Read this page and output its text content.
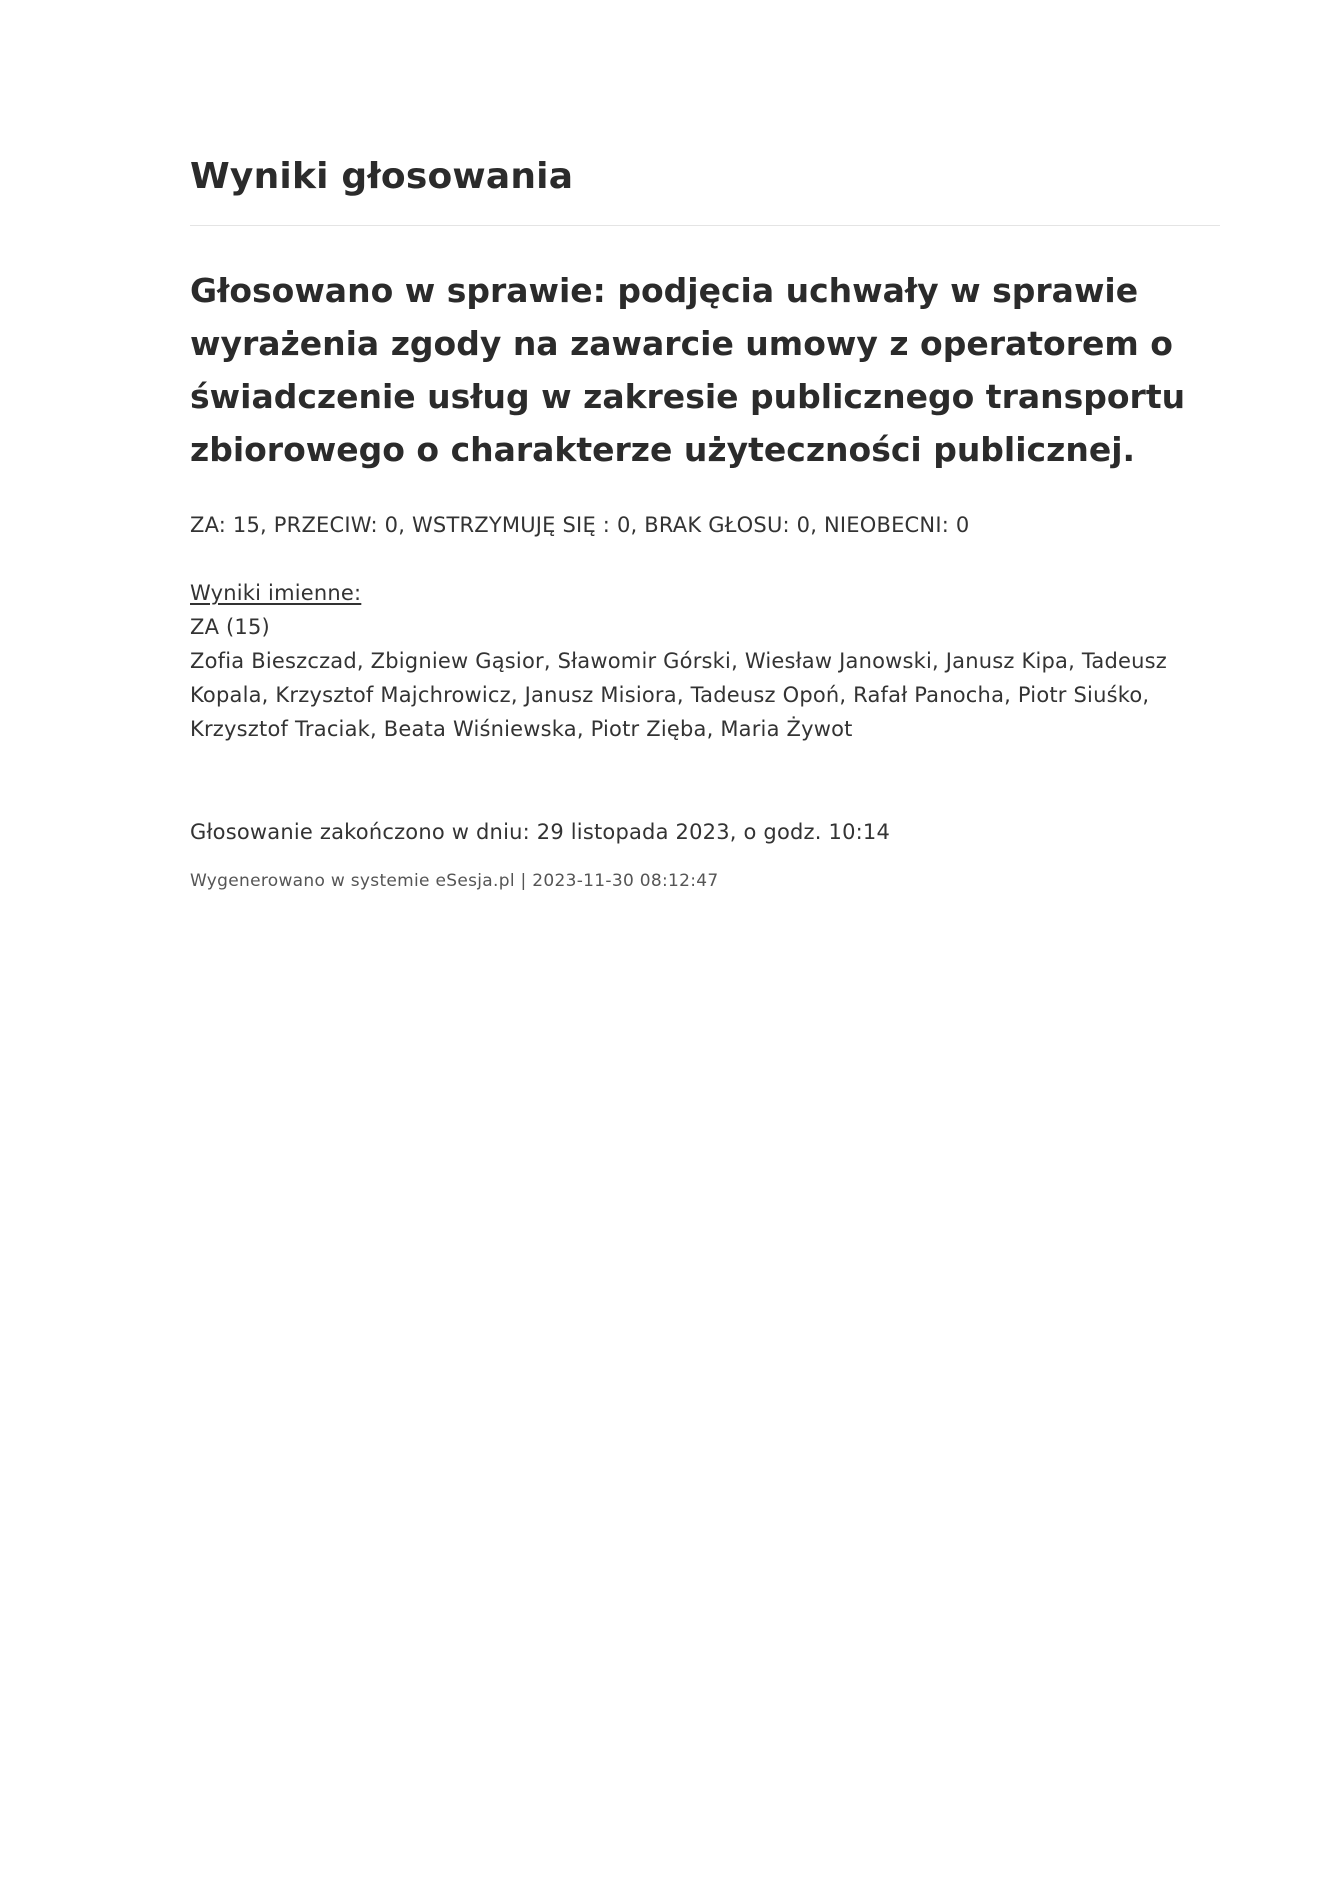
Wyniki głosowania

Głosowano w sprawie: podjęcia uchwały w sprawie wyrażenia zgody na zawarcie umowy z operatorem o świadczenie usług w zakresie publicznego transportu zbiorowego o charakterze użyteczności publicznej.

ZA: 15, PRZECIW: 0, WSTRZYMUJĘ SIĘ : 0, BRAK GŁOSU: 0, NIEOBECNI: 0
Wyniki imienne:
ZA (15)
Zofia Bieszczad, Zbigniew Gąsior, Sławomir Górski, Wiesław Janowski, Janusz Kipa, Tadeusz Kopala, Krzysztof Majchrowicz, Janusz Misiora, Tadeusz Opoń, Rafał Panocha, Piotr Siuśko, Krzysztof Traciak, Beata Wiśniewska, Piotr Zięba, Maria Żywot
Głosowanie zakończono w dniu: 29 listopada 2023, o godz. 10:14
Wygenerowano w systemie eSesja.pl | 2023-11-30 08:12:47
